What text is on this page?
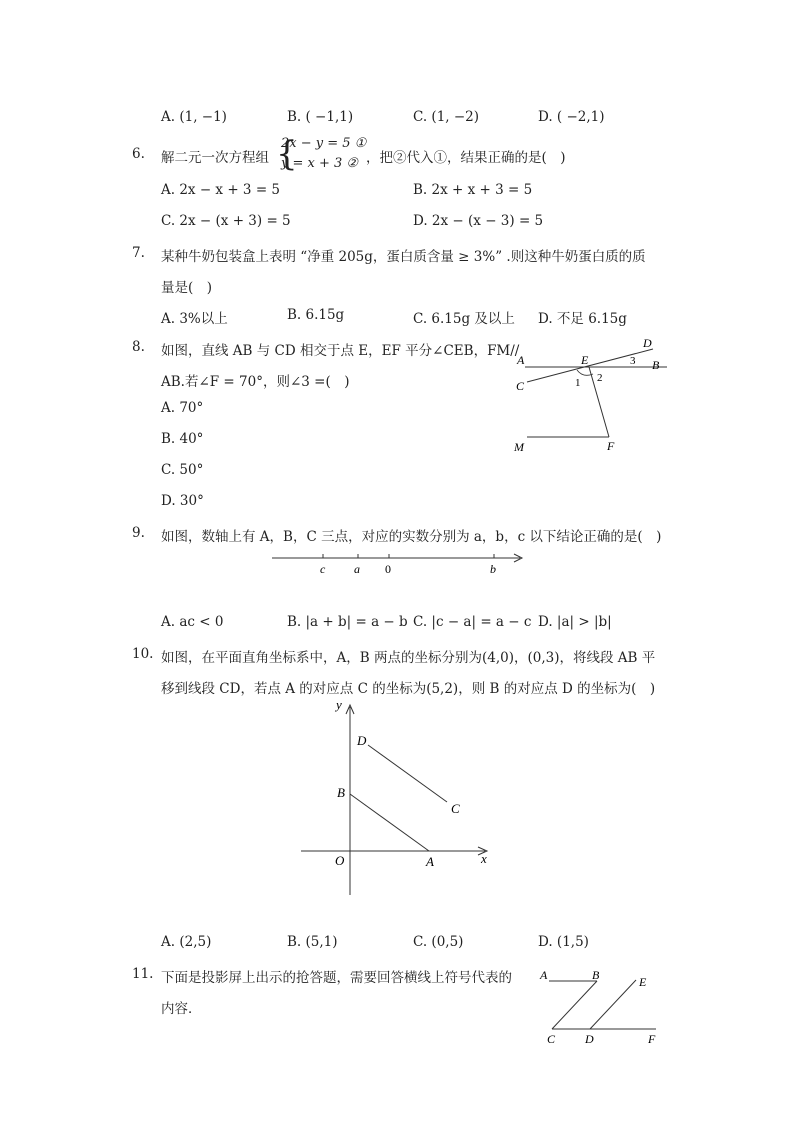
A. (1, −1)	B. ( −1,1)	C. (1, −2)	D. ( −2,1)
6. 解二元一次方程组 {
2x − y = 5 ①
y = x + 3 ② ，把②代入①，结果正确的是(　)
A. 2x − x + 3 = 5	B. 2x + x + 3 = 5
C. 2x − (x + 3) = 5	D. 2x − (x − 3) = 5
7. 某种牛奶包装盒上表明 “净重 205g，蛋白质含量 ≥ 3%” .则这种牛奶蛋白质的质
量是(　)
A. 3%以上	B. 6.15g	C. 6.15g 及以上 D. 不足 6.15g
8. 如图，直线 AB 与 CD 相交于点 E，EF 平分∠CEB，FM//
AB.若∠F = 70°，则∠3 =(　)
A. 70°
B. 40°
C. 50°
D. 30°
A	B
C
D
E
F
M
1 2
3
9. 如图，数轴上有 A，B，C 三点，对应的实数分别为 a，b，c 以下结论正确的是(　)
c a 0	b
A. ac < 0	B. |a + b| = a − b C. |c − a| = a − c D. |a| > |b|
10. 如图，在平面直角坐标系中，A，B 两点的坐标分别为(4,0)，(0,3)，将线段 AB 平
移到线段 CD，若点 A 的对应点 C 的坐标为(5,2)，则 B 的对应点 D 的坐标为(　)
y
x
O	A
B
C
D
A. (2,5)	B. (5,1)	C. (0,5)	D. (1,5)
11. 下面是投影屏上出示的抢答题，需要回答横线上符号代表的
内容．
A	B	E
C D	F
